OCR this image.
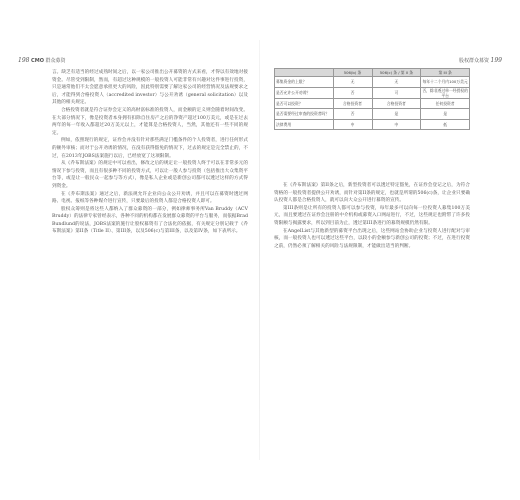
198 CMO 群众募资

言。缺乏有适当的经过成熟时间之后，以一家公司推出公开募资的方式来看，才得以有效地对接资金。尽管受到限制，然而，有超过这种规模的一般投资人可能非常有兴趣对这件事进行投资，只是通常他们不太会愿意承担更大的风险，因此特别需要了解这家公司的经营情况及法规要求之后，才能得到合格投资人（accredited investor）与公开劝诱（general solicitation）以及其他的相关规定。

合格投资者就是符合证券会定义的高财富标准的投资人，而金额的定义则会随着时间改变。在大部分情况下，像是投资者本身拥有扣除自住房产之后的净资产超过100万美元，或是在过去两年的每一年收入都超过20万美元以上，才能算是合格投资人，当然，其他还有一些不同的规定。

例如，依照现行的规定，证券会并没有针对那些满足门槛条件的个人投资者，进行任何形式的额外审核；而对于公开劝诱的情况，在没有获得豁免的情况下，过去的规定是完全禁止的，不过，在2013年JOBS法案施行以后，已经放宽了这项限制。

从《乔布斯法案》的规定中可以看出，修改之后的规定让一般投资人终于可以在非常多元的情况下参与投资，而且有很多种不同的投资方式，可以让一般人参与投资（包括推出大众集资平台等，或是让一般民众一起参与等方式），像是私人企业或是新创公司都可以透过这样的方式得到资金。

在《乔布斯法案》通过之后，新法规允许企业向公众公开劝诱，并且可以在募资时透过网路、电视、报纸等各种媒介进行宣传，只要最后的投资人都是合格投资人即可。

股权众筹则是将这些人都纳入了群众募资的一部分，例如律师事务所Van Bruddy（ACV Bruddy）的法律专家曾经表示，各种不同的机构都在发展群众募资的平台与服务，而依据Brad Bundlund的说法，JOBS法案的施行让股权募资有了合法化的依据，有关规定分别记载于《乔布斯法案》第II条（Title II）、第III条，以及506(c)与第III条，以及第IV条，如下表所示。

股权群众募资 199
	506(b) 条	506(c) 条 / 第 II 条	第 III 条
募集资金的上限？	无	无	每年十二个月内100万美元
是否允许公开劝诱？	否	可	否，除非透过单一经授权的平台
是否可以投资？	合格投资者	合格投资者	任何投资者
是否需要经过审查的投资者吗？	否	是	是
法律费用	中	中	低

在《乔布斯法案》第II条之后，新型投资者可以透过特定豁免，在证券会登记之后，为符合资格的一般投资者提供公开劝诱，而针对第II条的规定，也就是所谓的506(c)条，让企业只要确认投资人都是合格投资人，就可以向大众公开进行募资的宣传。

第III条则是让所有的投资人都可以参与投资，每年最多可以向每一位投资人募集100万美元，而且要透过在证券会注册的中介机构或募资入口网站进行，不过，这些规定也附带了许多投资限额与揭露要求，所以到目前为止，透过第III条进行的募资规模仍然有限。

在AngelList与其他新型的募资平台出现之后，这些网站会协助企业与投资人进行配对与审核，而一般投资人也可以透过这些平台，以较小的金额参与新创公司的投资；不过，在进行投资之前，仍然必须了解相关的风险与法规限制，才能做出适当的判断。
